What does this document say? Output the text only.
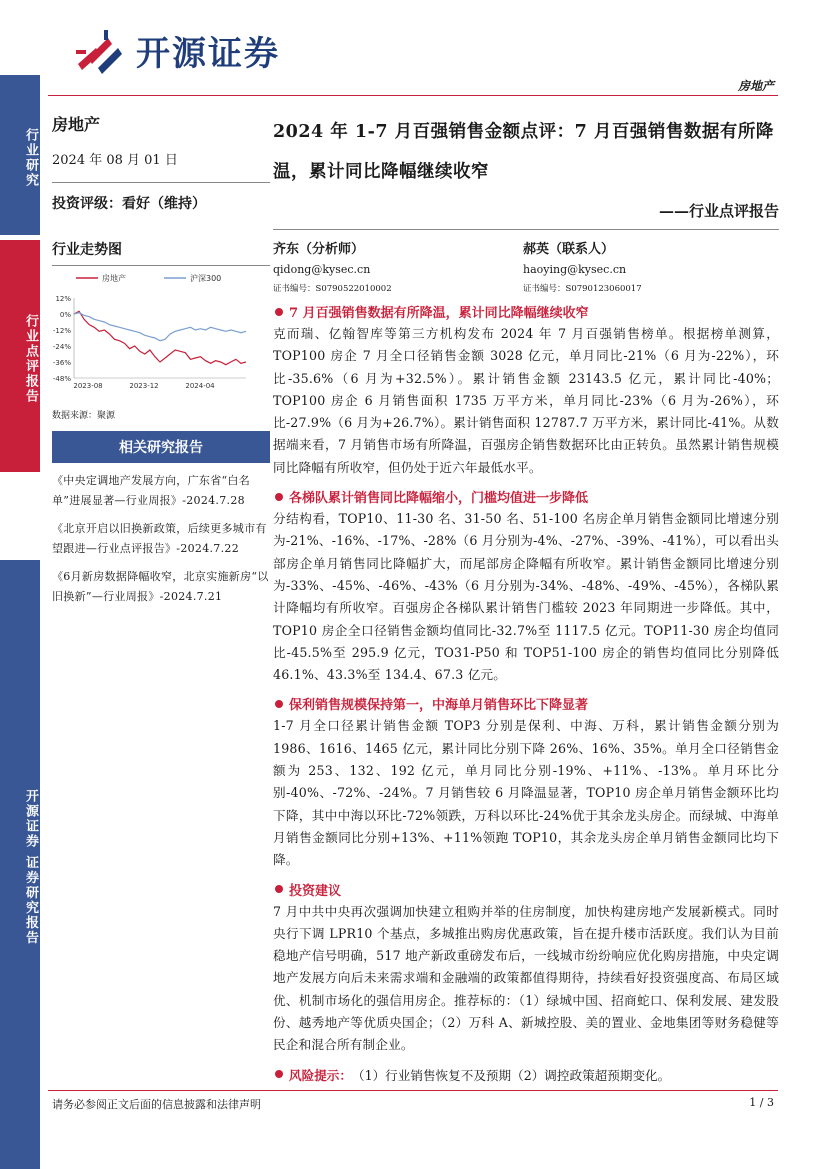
开源证券
房地产
行业研究
行业点评报告
开源证券 证券研究报告
房地产
2024 年 08 月 01 日
投资评级：看好（维持）
行业走势图
房地产	沪深300
12%
0%
-12%
-24%
-36%
-48%
2023-08	2023-12	2024-04
数据来源：聚源
相关研究报告
《中央定调地产发展方向，广东省“白名单”进展显著—行业周报》-2024.7.28
《北京开启以旧换新政策，后续更多城市有望跟进—行业点评报告》-2024.7.22
《6月新房数据降幅收窄，北京实施新房“以旧换新”—行业周报》-2024.7.21
2024 年 1-7 月百强销售金额点评：7 月百强销售数据有所降温，累计同比降幅继续收窄
——行业点评报告
齐东（分析师）
qidong@kysec.cn
证书编号：S0790522010002
郝英（联系人）
haoying@kysec.cn
证书编号：S0790123060017
7 月百强销售数据有所降温，累计同比降幅继续收窄
克而瑞、亿翰智库等第三方机构发布 2024 年 7 月百强销售榜单。根据榜单测算，TOP100 房企 7 月全口径销售金额 3028 亿元，单月同比-21%（6 月为-22%），环比-35.6%（6 月为+32.5%）。累计销售金额 23143.5 亿元，累计同比-40%；TOP100 房企 6 月销售面积 1735 万平方米，单月同比-23%（6 月为-26%），环比-27.9%（6 月为+26.7%）。累计销售面积 12787.7 万平方米，累计同比-41%。从数据端来看，7 月销售市场有所降温，百强房企销售数据环比由正转负。虽然累计销售规模同比降幅有所收窄，但仍处于近六年最低水平。
各梯队累计销售同比降幅缩小，门槛均值进一步降低
分结构看，TOP10、11-30 名、31-50 名、51-100 名房企单月销售金额同比增速分别为-21%、-16%、-17%、-28%（6 月分别为-4%、-27%、-39%、-41%），可以看出头部房企单月销售同比降幅扩大，而尾部房企降幅有所收窄。累计销售金额同比增速分别为-33%、-45%、-46%、-43%（6 月分别为-34%、-48%、-49%、-45%），各梯队累计降幅均有所收窄。百强房企各梯队累计销售门槛较 2023 年同期进一步降低。其中，TOP10 房企全口径销售金额均值同比-32.7%至 1117.5 亿元。TOP11-30 房企均值同比-45.5%至 295.9 亿元，TO31-P50 和 TOP51-100 房企的销售均值同比分别降低 46.1%、43.3%至 134.4、67.3 亿元。
保利销售规模保持第一，中海单月销售环比下降显著
1-7 月全口径累计销售金额 TOP3 分别是保利、中海、万科，累计销售金额分别为 1986、1616、1465 亿元，累计同比分别下降 26%、16%、35%。单月全口径销售金额为 253、132、192 亿元，单月同比分别-19%、+11%、-13%。单月环比分别-40%、-72%、-24%。7 月销售较 6 月降温显著，TOP10 房企单月销售金额环比均下降，其中中海以环比-72%领跌，万科以环比-24%优于其余龙头房企。而绿城、中海单月销售金额同比分别+13%、+11%领跑 TOP10，其余龙头房企单月销售金额同比均下降。
投资建议
7 月中共中央再次强调加快建立租购并举的住房制度，加快构建房地产发展新模式。同时央行下调 LPR10 个基点，多城推出购房优惠政策，旨在提升楼市活跃度。我们认为目前稳地产信号明确，517 地产新政重磅发布后，一线城市纷纷响应优化购房措施，中央定调地产发展方向后未来需求端和金融端的政策都值得期待，持续看好投资强度高、布局区域优、机制市场化的强信用房企。推荐标的：（1）绿城中国、招商蛇口、保利发展、建发股份、越秀地产等优质央国企；（2）万科 A、新城控股、美的置业、金地集团等财务稳健等民企和混合所有制企业。
风险提示： （1）行业销售恢复不及预期（2）调控政策超预期变化。
请务必参阅正文后面的信息披露和法律声明	1 / 3
